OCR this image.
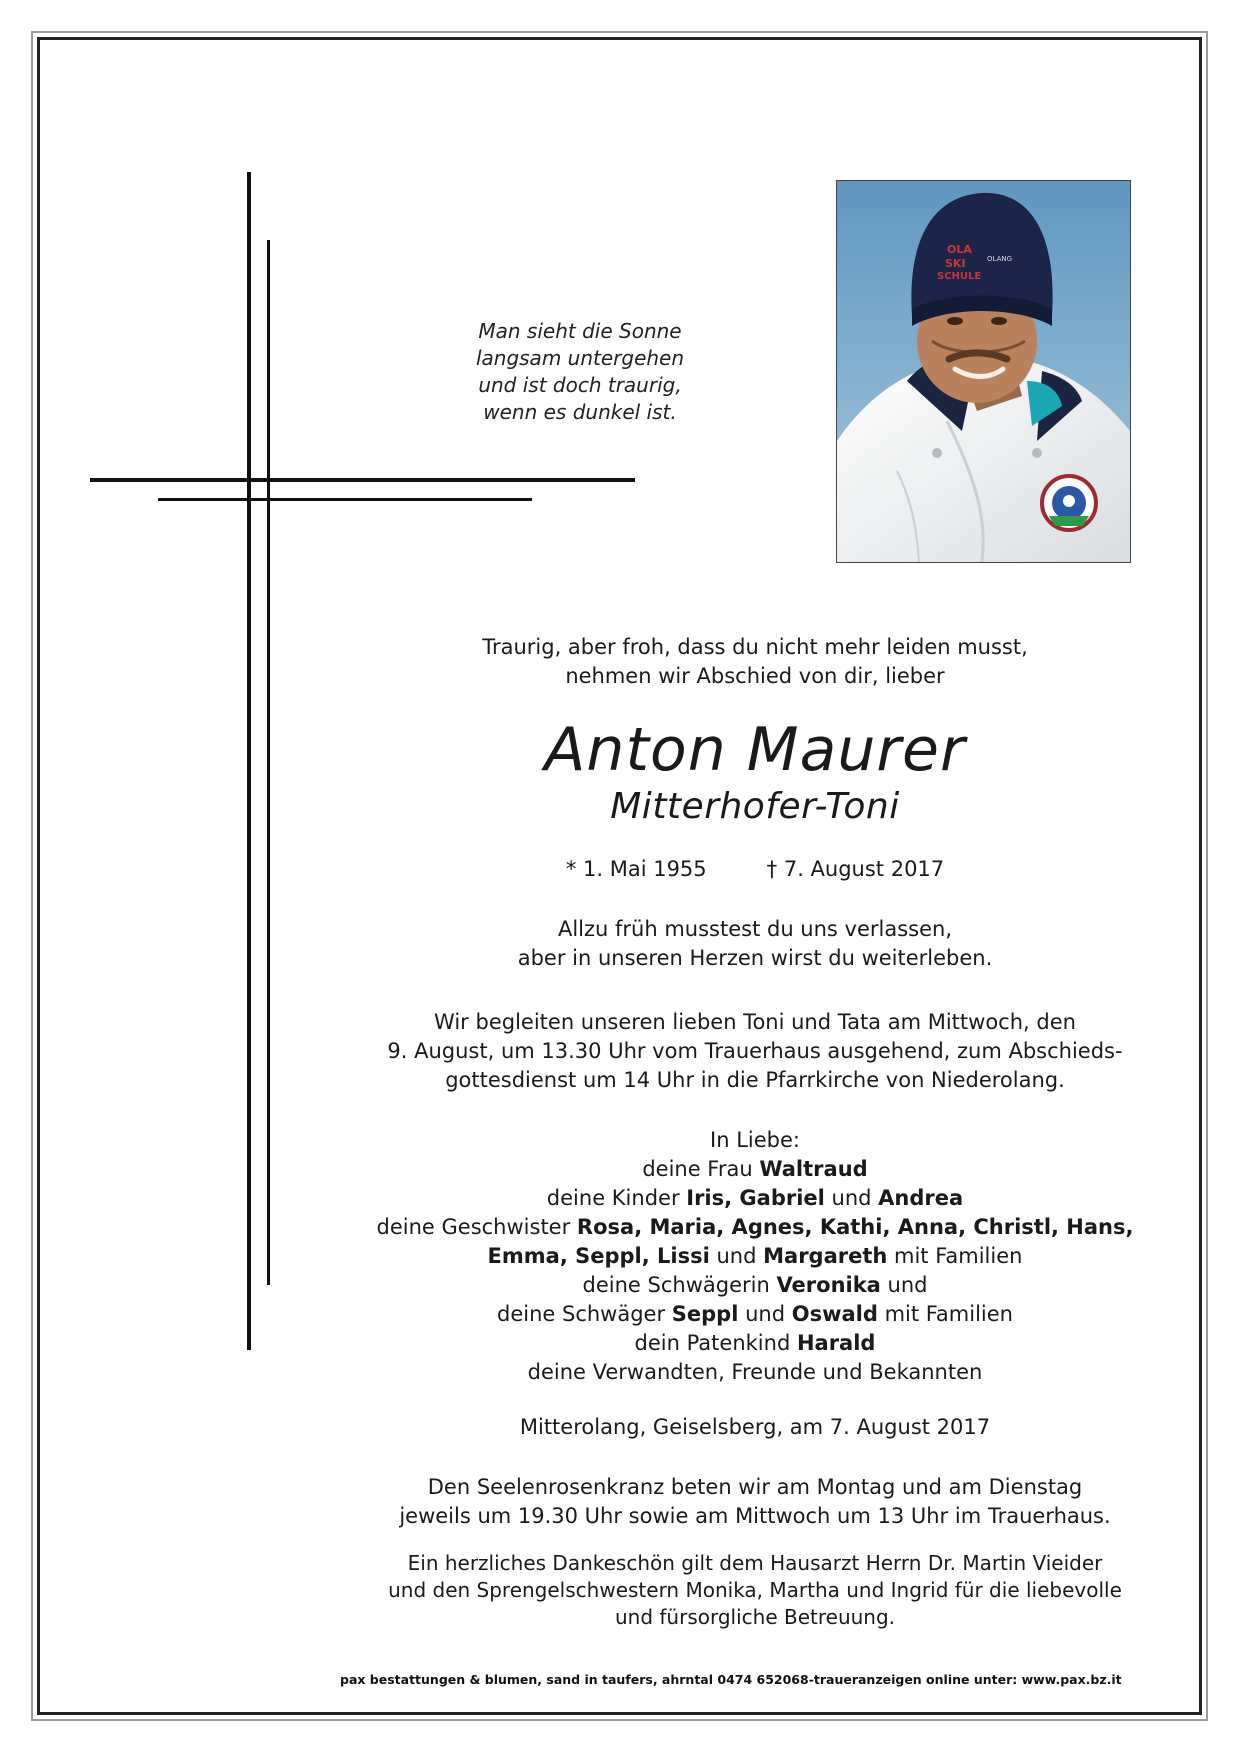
Man sieht die Sonne
langsam untergehen
und ist doch traurig,
wenn es dunkel ist.
OLA
SKI
SCHULE
OLANG
Traurig, aber froh, dass du nicht mehr leiden musst,
nehmen wir Abschied von dir, lieber
Anton Maurer
Mitterhofer-Toni
* 1. Mai 1955	† 7. August 2017
Allzu früh musstest du uns verlassen,
aber in unseren Herzen wirst du weiterleben.
Wir begleiten unseren lieben Toni und Tata am Mittwoch, den
9. August, um 13.30 Uhr vom Trauerhaus ausgehend, zum Abschieds-
gottesdienst um 14 Uhr in die Pfarrkirche von Niederolang.
In Liebe:
deine Frau Waltraud
deine Kinder Iris, Gabriel und Andrea
deine Geschwister Rosa, Maria, Agnes, Kathi, Anna, Christl, Hans,
Emma, Seppl, Lissi und Margareth mit Familien
deine Schwägerin Veronika und
deine Schwäger Seppl und Oswald mit Familien
dein Patenkind Harald
deine Verwandten, Freunde und Bekannten
Mitterolang, Geiselsberg, am 7. August 2017
Den Seelenrosenkranz beten wir am Montag und am Dienstag
jeweils um 19.30 Uhr sowie am Mittwoch um 13 Uhr im Trauerhaus.
Ein herzliches Dankeschön gilt dem Hausarzt Herrn Dr. Martin Vieider
und den Sprengelschwestern Monika, Martha und Ingrid für die liebevolle
und fürsorgliche Betreuung.
pax bestattungen & blumen, sand in taufers, ahrntal 0474 652068-traueranzeigen online unter: www.pax.bz.it
